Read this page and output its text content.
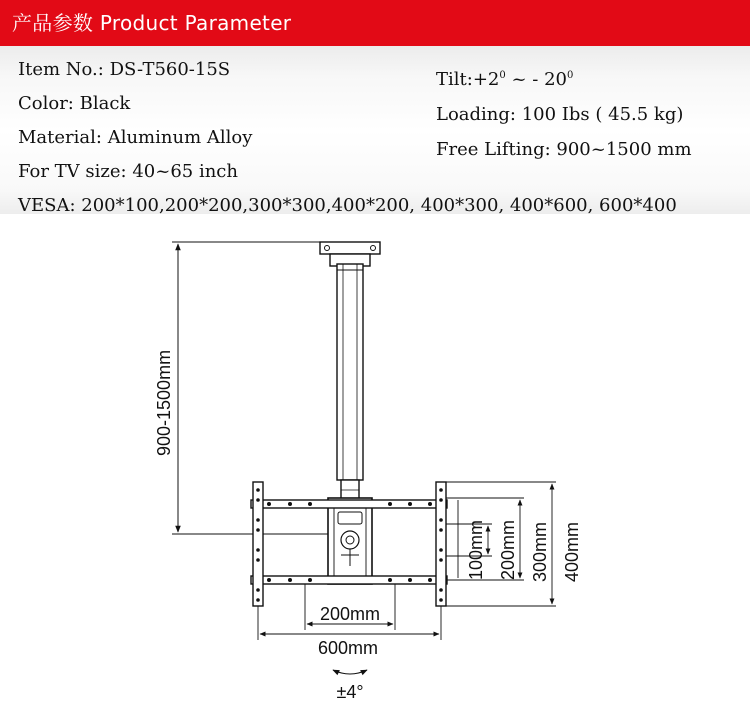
产品参数 Product Parameter
Item No.: DS-T560-15S
Color: Black
Material: Aluminum Alloy
For TV size: 40~65 inch
VESA: 200*100,200*200,300*300,400*200, 400*300, 400*600, 600*400
$Tilt:+2^0$ ~ - $20^0$
Loading: 100 Ibs ( 45.5 kg)
Free Lifting: 900~1500 mm
900-1500mm
100mm 200mm 300mm 400mm
200mm
600mm
±4°
